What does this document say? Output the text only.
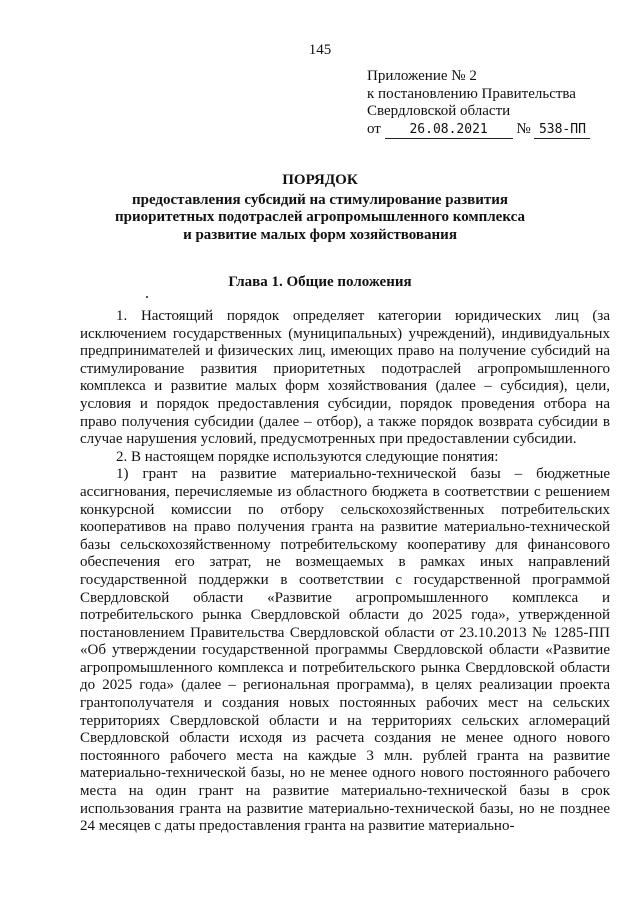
145
Приложение № 2
к постановлению Правительства
Свердловской области
от 26.08.2021 № 538-ПП
ПОРЯДОК
предоставления субсидий на стимулирование развития
приоритетных подотраслей агропромышленного комплекса
и развитие малых форм хозяйствования
Глава 1. Общие положения

1. Настоящий порядок определяет категории юридических лиц (за исключением государственных (муниципальных) учреждений), индивидуальных предпринимателей и физических лиц, имеющих право на получение субсидий на стимулирование развития приоритетных подотраслей агропромышленного комплекса и развитие малых форм хозяйствования (далее – субсидия), цели, условия и порядок предоставления субсидии, порядок проведения отбора на право получения субсидии (далее – отбор), а также порядок возврата субсидии в случае нарушения условий, предусмотренных при предоставлении субсидии.

2. В настоящем порядке используются следующие понятия:

1) грант на развитие материально-технической базы – бюджетные ассигнования, перечисляемые из областного бюджета в соответствии с решением конкурсной комиссии по отбору сельскохозяйственных потребительских кооперативов на право получения гранта на развитие материально-технической базы сельскохозяйственному потребительскому кооперативу для финансового обеспечения его затрат, не возмещаемых в рамках иных направлений государственной поддержки в соответствии с государственной программой Свердловской области «Развитие агропромышленного комплекса и потребительского рынка Свердловской области до 2025 года», утвержденной постановлением Правительства Свердловской области от 23.10.2013 № 1285-ПП «Об утверждении государственной программы Свердловской области «Развитие агропромышленного комплекса и потребительского рынка Свердловской области до 2025 года» (далее – региональная программа), в целях реализации проекта грантополучателя и создания новых постоянных рабочих мест на сельских территориях Свердловской области и на территориях сельских агломераций Свердловской области исходя из расчета создания не менее одного нового постоянного рабочего места на каждые 3 млн. рублей гранта на развитие материально-технической базы, но не менее одного нового постоянного рабочего места на один грант на развитие материально-технической базы в срок использования гранта на развитие материально-технической базы, но не позднее 24 месяцев с даты предоставления гранта на развитие материально-
